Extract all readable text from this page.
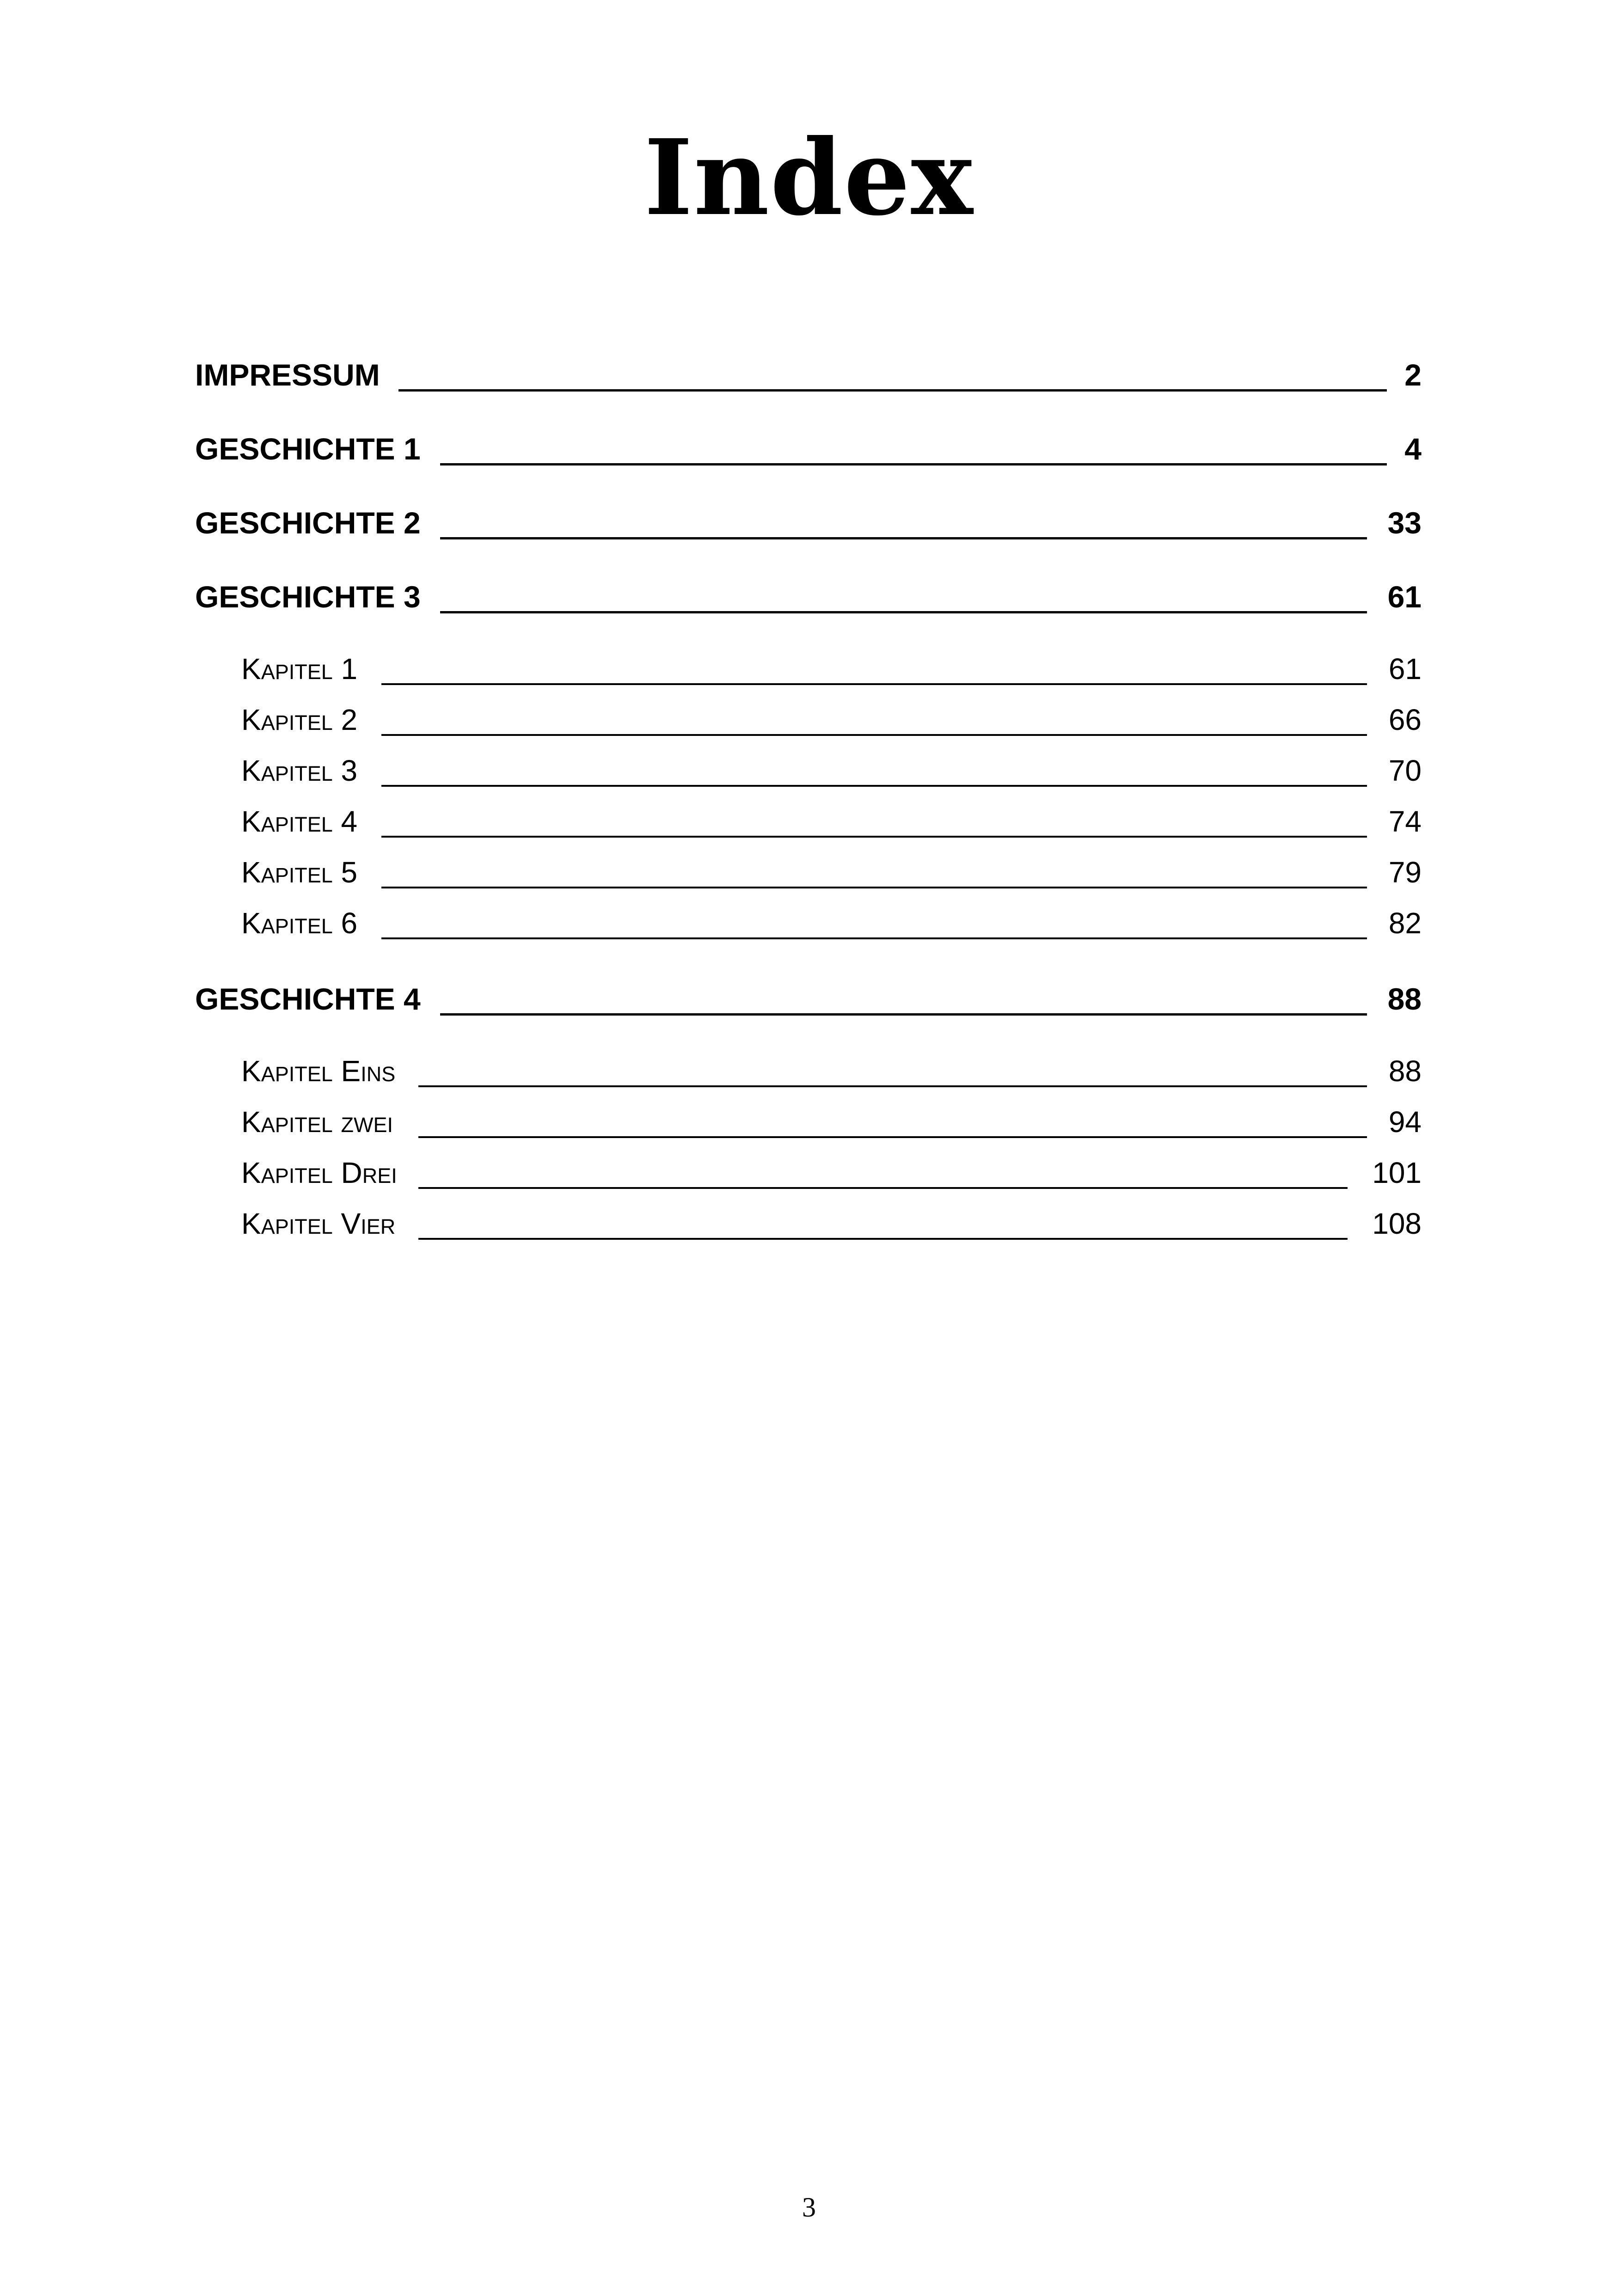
Index
IMPRESSUM	2
GESCHICHTE 1	4
GESCHICHTE 2	33
GESCHICHTE 3	61
Kapitel 1	61
Kapitel 2	66
Kapitel 3	70
Kapitel 4	74
Kapitel 5	79
Kapitel 6	82
GESCHICHTE 4	88
Kapitel Eins	88
Kapitel zwei	94
Kapitel Drei	101
Kapitel Vier	108
3
